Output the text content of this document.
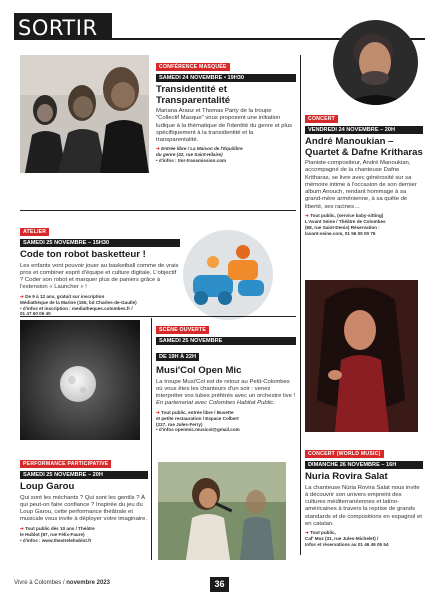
SORTIR
CONFÉRENCE MASQUÉE
SAMEDI 24 NOVEMBRE • 19H30
Transidentité et Transparentalité
Mariana Araoz et Thomas Party de la troupe "Collectif Masque" vous proposent une initiation ludique à la thématique de l'identité du genre et plus spécifiquement à la transidentité et la transparentalité.
➔ Entrée libre / La Maison de l'Équilibre
du genre (42, rue Saint-Hilaire)
• d'infos : tmr-transmission.com
CONCERT
VENDREDI 24 NOVEMBRE – 20H
André Manoukian – Quartet & Dafne Kritharas
Pianiste-compositeur, André Manoukian, accompagné de la chanteuse Dafne Kritharas, se livre avec générosité sur sa mémoire intime à l'occasion de son dernier album Anouch, rendant hommage à sa grand-mère arménienne, à sa quête de liberté, ses racines…
➔ Tout public, (service baby-sitting)
L'Avant Seine / Théâtre de Colombes
(88, rue Saint-Denis) Réservation :
lavant-seine.com, 01 56 05 00 76
ATELIER
SAMEDI 25 NOVEMBRE – 15H30
Code ton robot basketteur !
Les enfants vont pouvoir jouer au basketball comme de vrais pros et combiner esprit d'équipe et culture digitale. L'objectif ? Coder son robot et marquer plus de paniers grâce à l'extension « Launcher » !
➔ De 9 à 12 ans, gratuit sur inscription
Médiathèque de la Marine (155, bd Charles-de-Gaulle)
• d'infos et inscription : mediatheques.colombes.fr /
01 47 60 06 40
PERFORMANCE PARTICIPATIVE
SAMEDI 25 NOVEMBRE – 20H
Loup Garou
Qui sont les méchants ? Qui sont les gentils ? À qui peut-on faire confiance ? Inspirée du jeu du Loup Garou, cette performance théâtrale et musicale vous invite à déployer votre imaginaire.
➔ Tout public dès 10 ans / Théâtre
le Hublot (87, rue Félix-Faure)
• d'infos : www.theatrelehublot.fr
SCÈNE OUVERTE
SAMEDI 25 NOVEMBRE
DE 19H À 22H
Musi'Col Open Mic
La troupe Musi'Col est de retour au Petit-Colombes où vous êtes les chanteurs d'un soir : venez interpréter vos tubes préférés avec un orchestre live !
En partenariat avec Colombes Habitat Public.
➔ Tout public, entrée libre / Buvette
et petite restauration / Espace Colbert
(227, rue Jules-Ferry)
• d'infos openmic.musicol@gmail.com
CONCERT (WORLD MUSIC)
DIMANCHE 26 NOVEMBRE – 16H
Nuria Rovira Salat
La chanteuse Núria Rovira Salat nous invite à découvrir son univers empreint des cultures méditerranéennes et latino-américaines à travers la reprise de grands standards et de compositions en espagnol et en catalan.
➔ Tout public,
Caf' Muz (31, rue Jules-Michelet) /
Infos et réservations au 01 46 49 05 54
Vivre à Colombes / novembre 2023	36
